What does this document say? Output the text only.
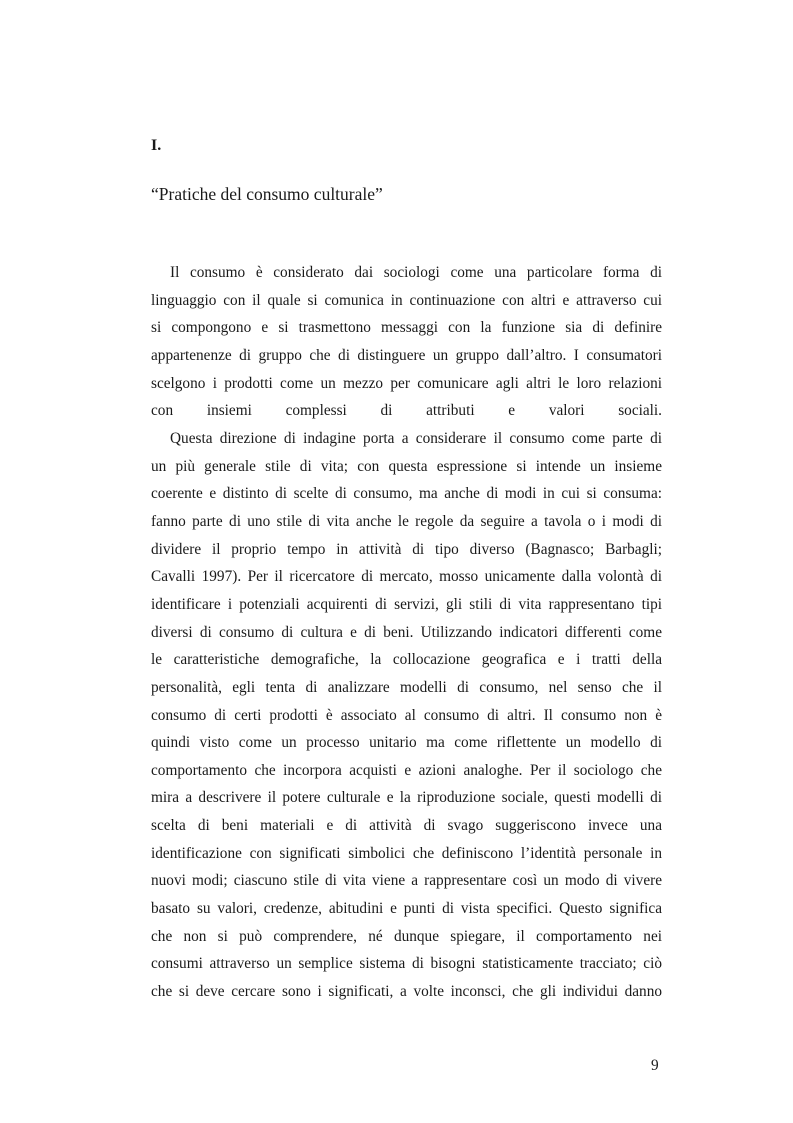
I.
“Pratiche del consumo culturale”

Il consumo è considerato dai sociologi come una particolare forma di
linguaggio con il quale si comunica in continuazione con altri e attraverso cui
si compongono e si trasmettono messaggi con la funzione sia di definire
appartenenze di gruppo che di distinguere un gruppo dall’altro. I consumatori
scelgono i prodotti come un mezzo per comunicare agli altri le loro relazioni
con insiemi complessi di attributi e valori sociali.

Questa direzione di indagine porta a considerare il consumo come parte di
un più generale stile di vita; con questa espressione si intende un insieme
coerente e distinto di scelte di consumo, ma anche di modi in cui si consuma:
fanno parte di uno stile di vita anche le regole da seguire a tavola o i modi di
dividere il proprio tempo in attività di tipo diverso (Bagnasco; Barbagli;
Cavalli 1997). Per il ricercatore di mercato, mosso unicamente dalla volontà di
identificare i potenziali acquirenti di servizi, gli stili di vita rappresentano tipi
diversi di consumo di cultura e di beni. Utilizzando indicatori differenti come
le caratteristiche demografiche, la collocazione geografica e i tratti della
personalità, egli tenta di analizzare modelli di consumo, nel senso che il
consumo di certi prodotti è associato al consumo di altri. Il consumo non è
quindi visto come un processo unitario ma come riflettente un modello di
comportamento che incorpora acquisti e azioni analoghe. Per il sociologo che
mira a descrivere il potere culturale e la riproduzione sociale, questi modelli di
scelta di beni materiali e di attività di svago suggeriscono invece una
identificazione con significati simbolici che definiscono l’identità personale in
nuovi modi; ciascuno stile di vita viene a rappresentare così un modo di vivere
basato su valori, credenze, abitudini e punti di vista specifici. Questo significa
che non si può comprendere, né dunque spiegare, il comportamento nei
consumi attraverso un semplice sistema di bisogni statisticamente tracciato; ciò
che si deve cercare sono i significati, a volte inconsci, che gli individui danno

9
